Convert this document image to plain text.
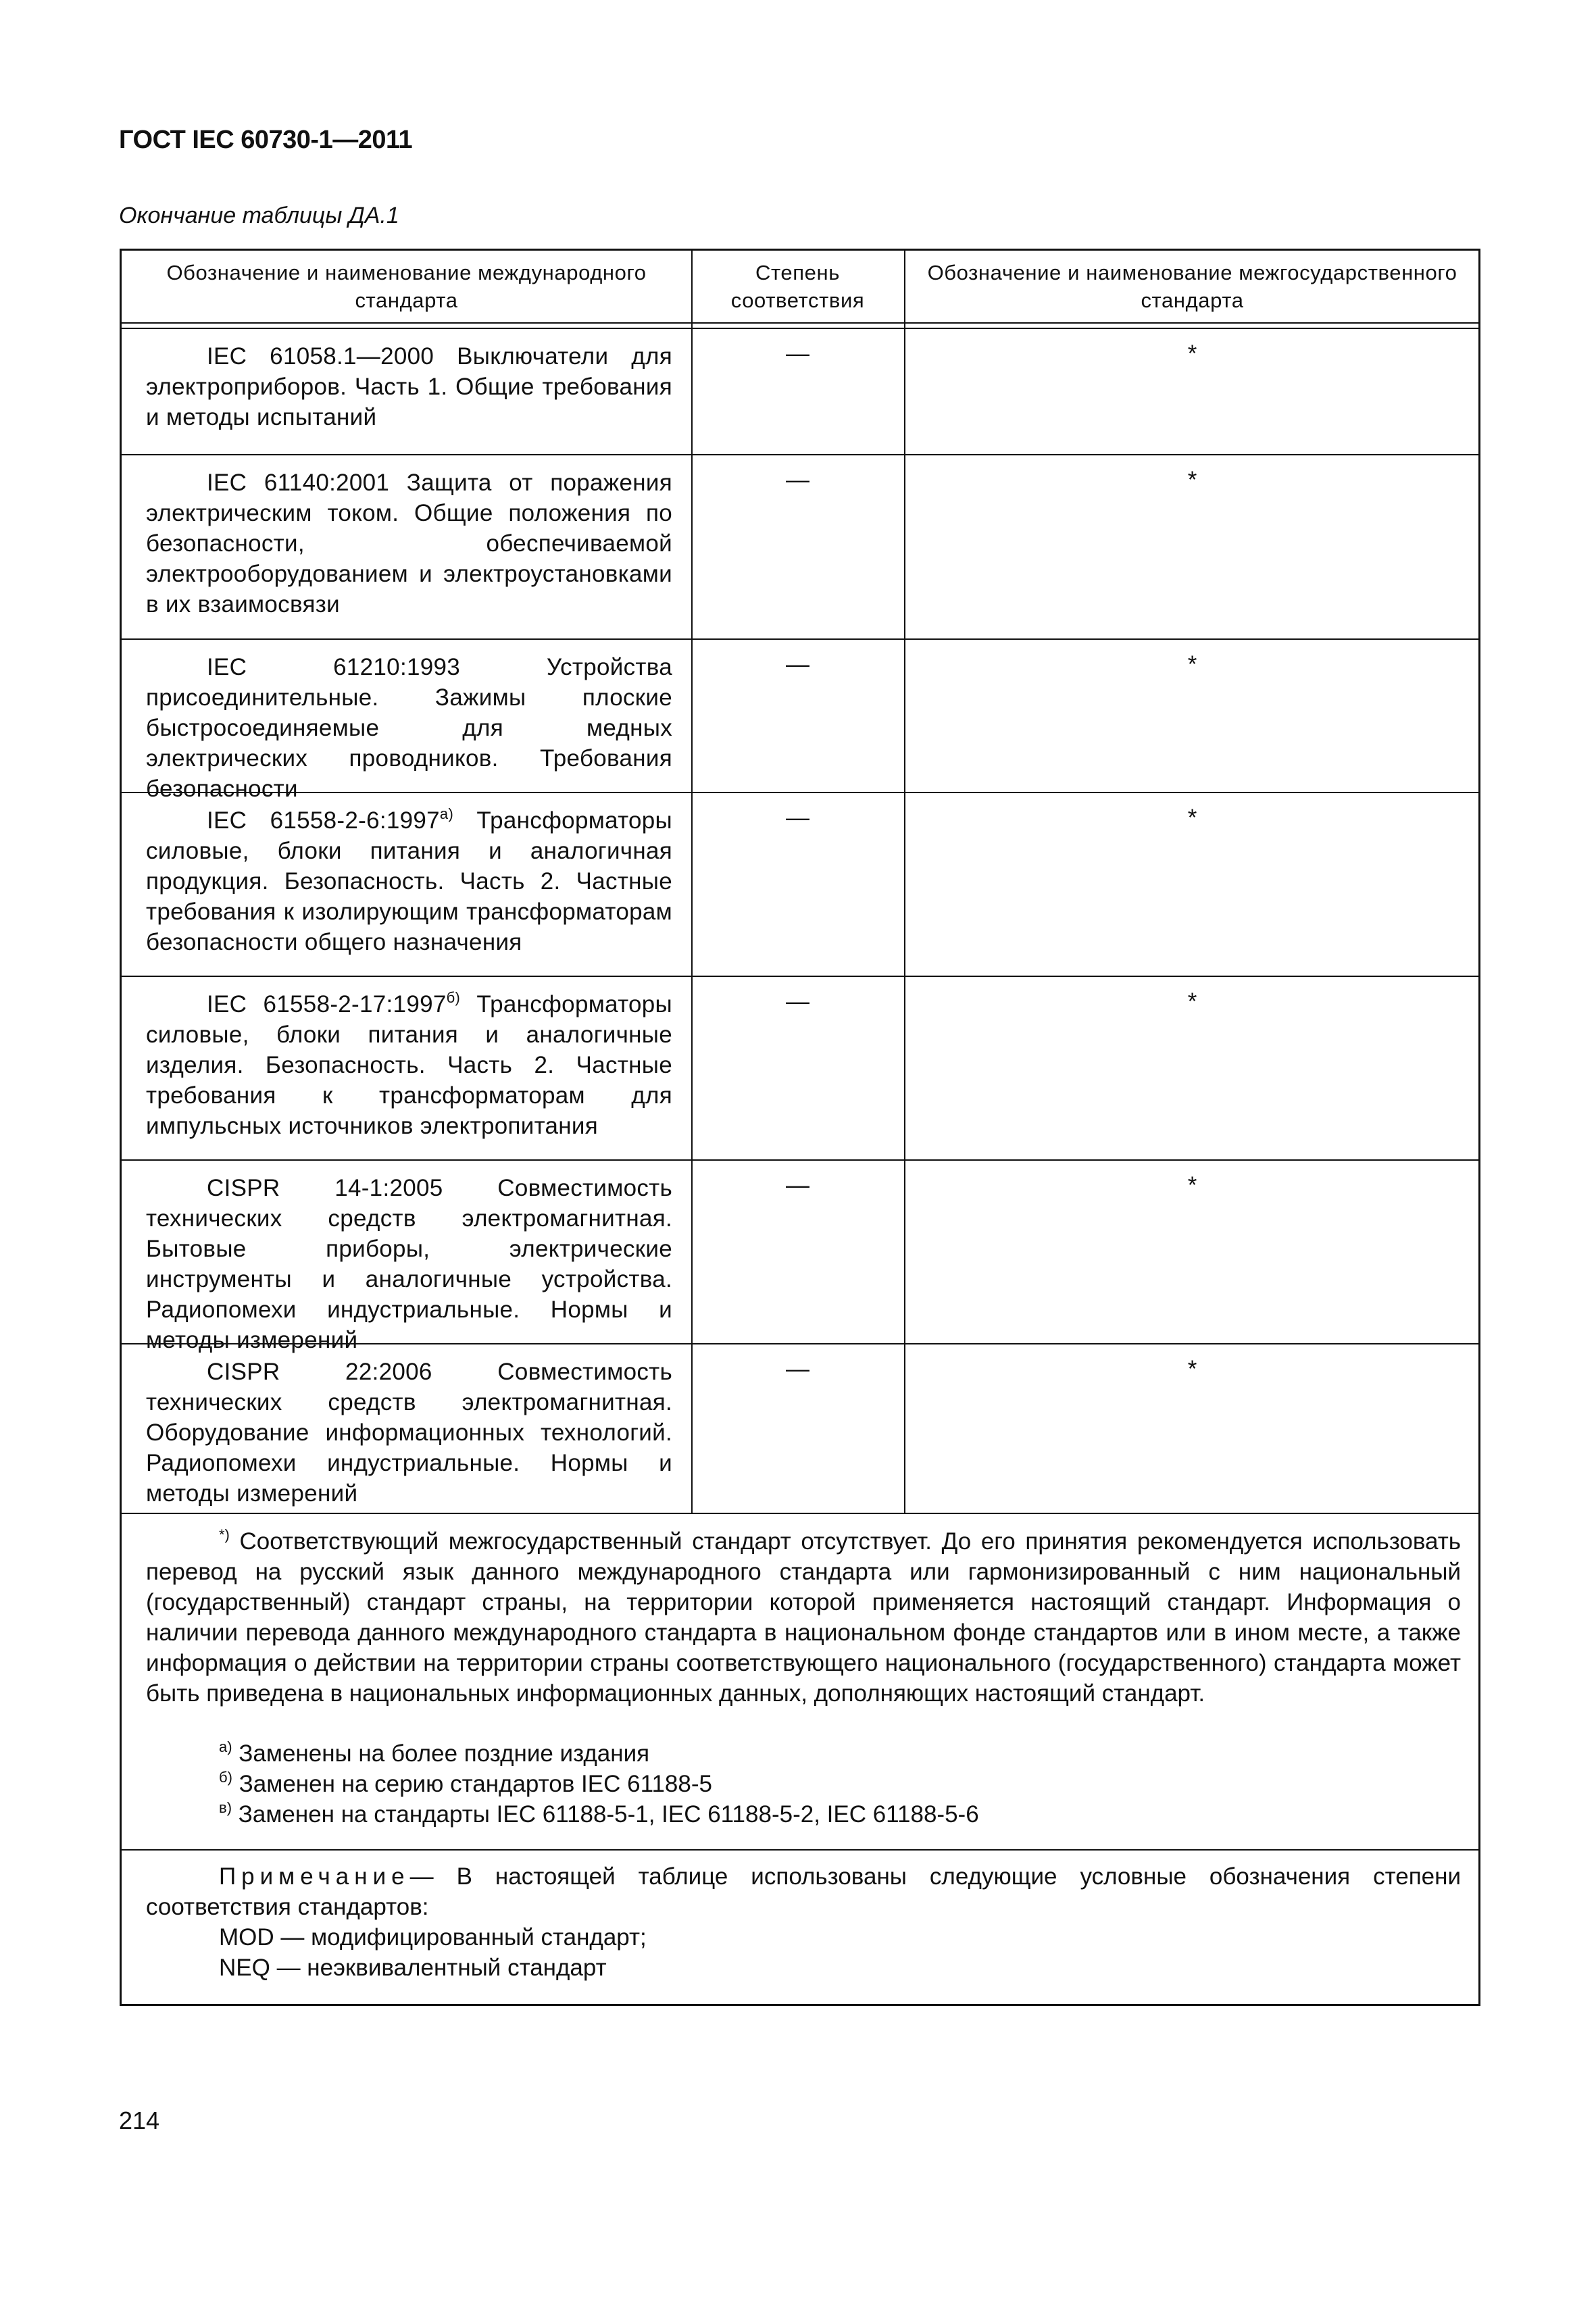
ГОСТ IEC 60730-1—2011
Окончание таблицы ДА.1
Обозначение и наименование международного стандарта
Степень соответствия
Обозначение и наименование межгосударственного стандарта
IEC 61058.1—2000 Выключатели для электроприборов. Часть 1. Общие требования и методы испытаний
—	*
IEC 61140:2001 Защита от поражения электрическим током. Общие положения по безопасности, обеспечиваемой электрооборудованием и электроустановками в их взаимосвязи
—	*
IEC 61210:1993 Устройства присоединительные. Зажимы плоские быстросоединяемые для медных электрических проводников. Требования безопасности
—	*
IEC $61558-2-6:1997^{а)}$ Трансформаторы силовые, блоки питания и аналогичная продукция. Безопасность. Часть 2. Частные требования к изолирующим трансформаторам безопасности общего назначения
—	*
IEC $61558-2-17:1997^{б)}$ Трансформаторы силовые, блоки питания и аналогичные изделия. Безопасность. Часть 2. Частные требования к трансформаторам для импульсных источников электропитания
—	*
CISPR 14-1:2005 Совместимость технических средств электромагнитная. Бытовые приборы, электрические инструменты и аналогичные устройства. Радиопомехи индустриальные. Нормы и методы измерений
—	*
CISPR 22:2006 Совместимость технических средств электромагнитная. Оборудование информационных технологий. Радиопомехи индустриальные. Нормы и методы измерений
—	*
*) Соответствующий межгосударственный стандарт отсутствует. До его принятия рекомендуется использовать перевод на русский язык данного международного стандарта или гармонизированный с ним национальный (государственный) стандарт страны, на территории которой применяется настоящий стандарт. Информация о наличии перевода данного международного стандарта в национальном фонде стандартов или в ином месте, а также информация о действии на территории страны соответствующего национального (государственного) стандарта может быть приведена в национальных информационных данных, дополняющих настоящий стандарт.
$^{а)}$ Заменены на более поздние издания
$^{б)}$ Заменен на серию стандартов IEC 61188-5
$^{в)}$ Заменен на стандарты IEC 61188-5-1, IEC 61188-5-2, IEC 61188-5-6
Примечание— В настоящей таблице использованы следующие условные обозначения степени соответствия стандартов:
MOD — модифицированный стандарт;
NEQ — неэквивалентный стандарт
214
